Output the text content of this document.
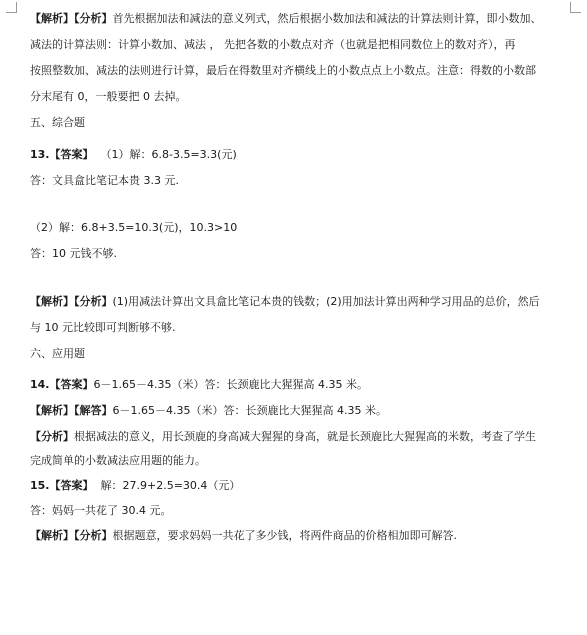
【解析】【分析】首先根据加法和减法的意义列式，然后根据小数加法和减法的计算法则计算，即小数加、
减法的计算法则：计算小数加、减法 ， 先把各数的小数点对齐（也就是把相同数位上的数对齐），再
按照整数加、减法的法则进行计算，最后在得数里对齐横线上的小数点点上小数点。注意：得数的小数部
分末尾有 0，一般要把 0 去掉。
五、综合题
13.【答案】 （1）解：6.8-3.5=3.3(元)
答：文具盒比笔记本贵 3.3 元.
（2）解：6.8+3.5=10.3(元)，10.3>10
答：10 元钱不够.
【解析】【分析】(1)用减法计算出文具盒比笔记本贵的钱数；(2)用加法计算出两种学习用品的总价，然后
与 10 元比较即可判断够不够.
六、应用题
14.【答案】6－1.65－4.35（米）答：长颈鹿比大猩猩高 4.35 米。
【解析】【解答】6－1.65－4.35（米）答：长颈鹿比大猩猩高 4.35 米。
【分析】根据减法的意义，用长颈鹿的身高减大猩猩的身高，就是长颈鹿比大猩猩高的米数，考查了学生
完成简单的小数减法应用题的能力。
15.【答案】 解：27.9+2.5=30.4（元）
答：妈妈一共花了 30.4 元。
【解析】【分析】根据题意，要求妈妈一共花了多少钱，将两件商品的价格相加即可解答.
